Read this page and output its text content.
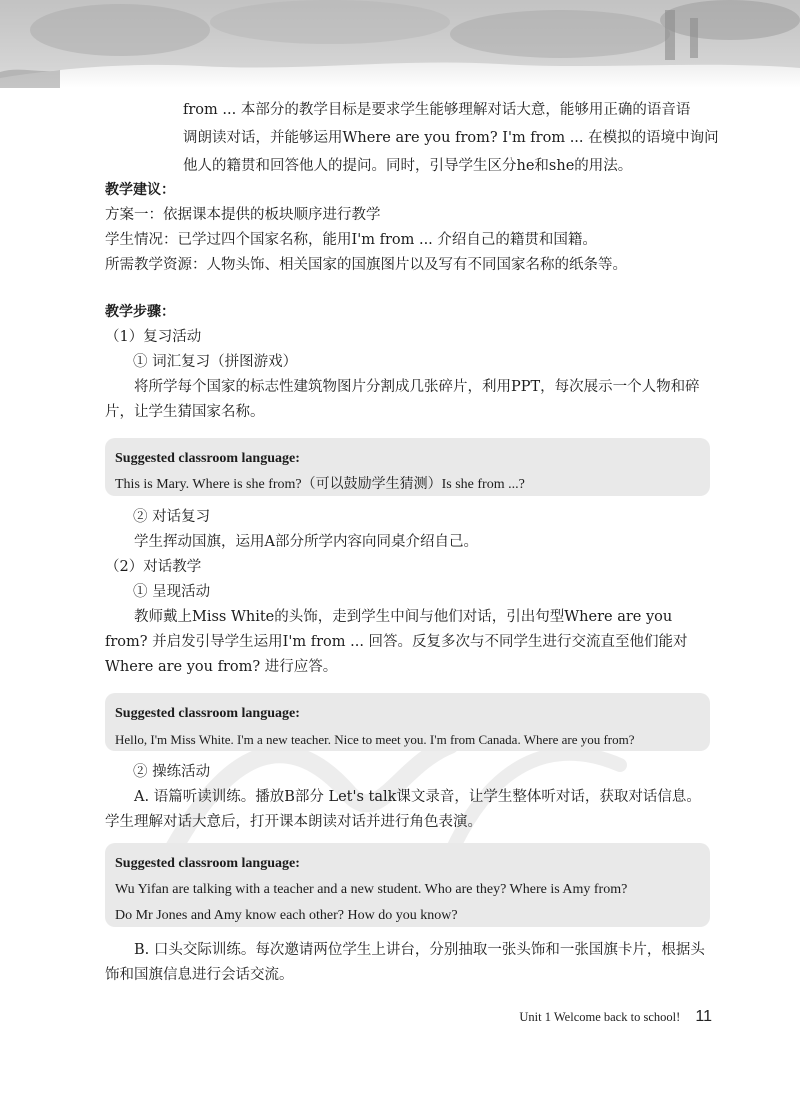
from ... 本部分的教学目标是要求学生能够理解对话大意，能够用正确的语音语
调朗读对话，并能够运用Where are you from? I'm from ... 在模拟的语境中询问
他人的籍贯和回答他人的提问。同时，引导学生区分he和she的用法。
教学建议：
方案一：依据课本提供的板块顺序进行教学
学生情况：已学过四个国家名称，能用I'm from ... 介绍自己的籍贯和国籍。
所需教学资源：人物头饰、相关国家的国旗图片以及写有不同国家名称的纸条等。
教学步骤：
（1）复习活动
① 词汇复习（拼图游戏）
将所学每个国家的标志性建筑物图片分割成几张碎片，利用PPT，每次展示一个人物和碎片，让学生猜国家名称。
Suggested classroom language:
This is Mary. Where is she from?（可以鼓励学生猜测）Is she from ...?
② 对话复习
学生挥动国旗，运用A部分所学内容向同桌介绍自己。
（2）对话教学
① 呈现活动
教师戴上Miss White的头饰，走到学生中间与他们对话，引出句型Where are you from? 并启发引导学生运用I'm from ... 回答。反复多次与不同学生进行交流直至他们能对Where are you from? 进行应答。
Suggested classroom language:
Hello, I'm Miss White. I'm a new teacher. Nice to meet you. I'm from Canada. Where are you from?
② 操练活动
A. 语篇听读训练。播放B部分 Let's talk课文录音，让学生整体听对话，获取对话信息。学生理解对话大意后，打开课本朗读对话并进行角色表演。
Suggested classroom language:
Wu Yifan are talking with a teacher and a new student. Who are they? Where is Amy from?
Do Mr Jones and Amy know each other? How do you know?
B. 口头交际训练。每次邀请两位学生上讲台，分别抽取一张头饰和一张国旗卡片，根据头饰和国旗信息进行会话交流。
Unit 1 Welcome back to school! 11
